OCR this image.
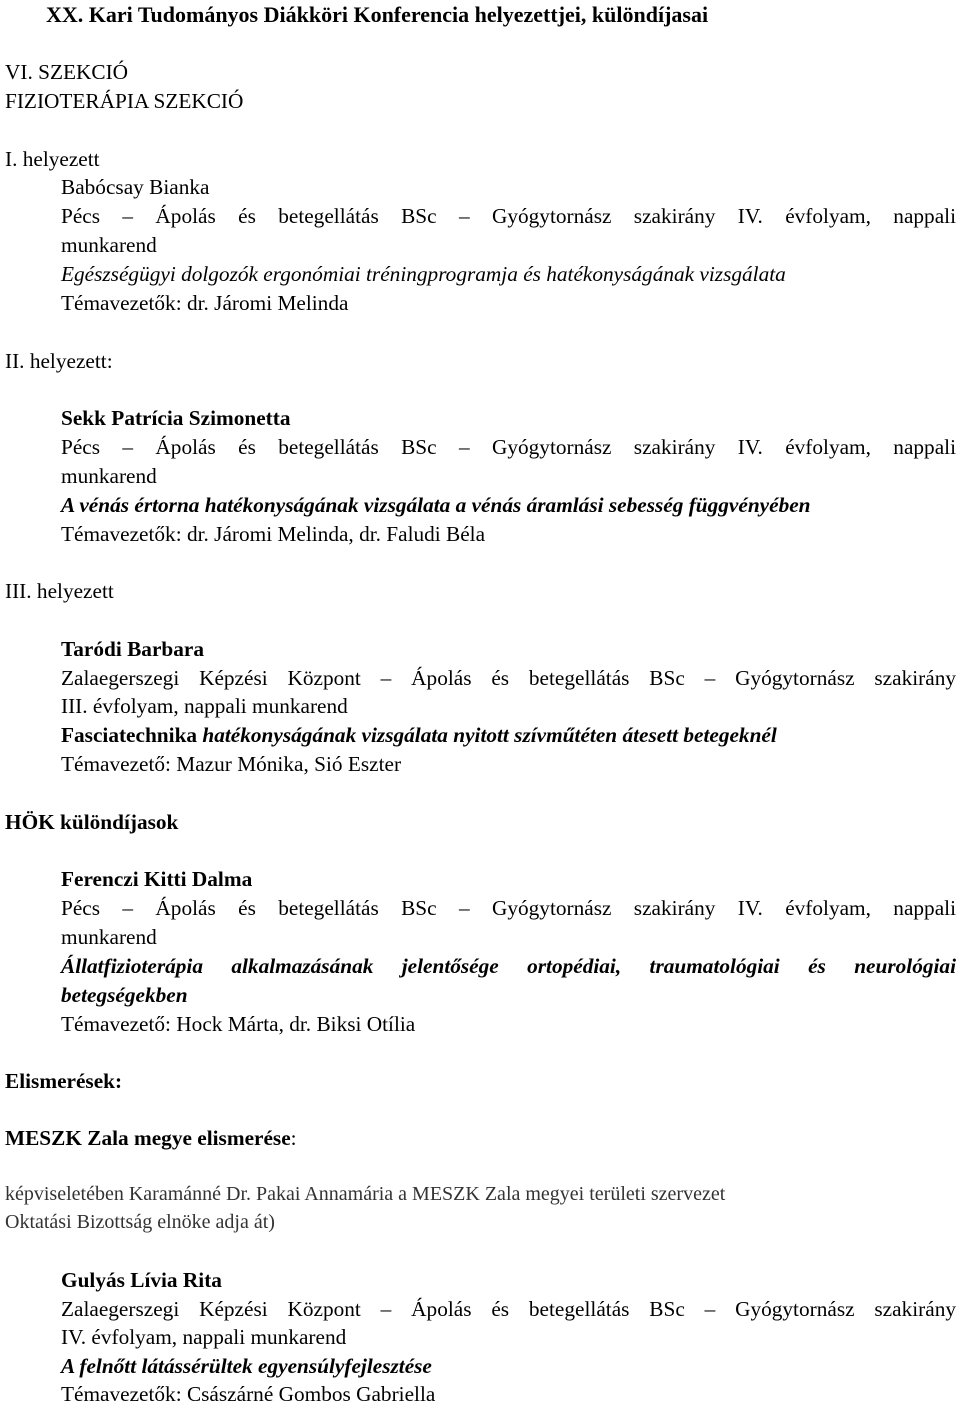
XX. Kari Tudományos Diákköri Konferencia helyezettjei, különdíjasai
VI. SZEKCIÓ
FIZIOTERÁPIA SZEKCIÓ
I. helyezett
Babócsay Bianka
Pécs – Ápolás és betegellátás BSc – Gyógytornász szakirány IV. évfolyam, nappali
munkarend
Egészségügyi dolgozók ergonómiai tréningprogramja és hatékonyságának vizsgálata
Témavezetők: dr. Járomi Melinda
II. helyezett:
Sekk Patrícia Szimonetta
Pécs – Ápolás és betegellátás BSc – Gyógytornász szakirány IV. évfolyam, nappali
munkarend
A vénás értorna hatékonyságának vizsgálata a vénás áramlási sebesség függvényében
Témavezetők: dr. Járomi Melinda, dr. Faludi Béla
III. helyezett
Taródi Barbara
Zalaegerszegi Képzési Központ – Ápolás és betegellátás BSc – Gyógytornász szakirány
III. évfolyam, nappali munkarend
Fasciatechnika hatékonyságának vizsgálata nyitott szívműtéten átesett betegeknél
Témavezető: Mazur Mónika, Sió Eszter
HÖK különdíjasok
Ferenczi Kitti Dalma
Pécs – Ápolás és betegellátás BSc – Gyógytornász szakirány IV. évfolyam, nappali
munkarend
Állatfizioterápia alkalmazásának jelentősége ortopédiai, traumatológiai és neurológiai
betegségekben
Témavezető: Hock Márta, dr. Biksi Otília
Elismerések:
MESZK Zala megye elismerése:
képviseletében Karamánné Dr. Pakai Annamária a MESZK Zala megyei területi szervezet
Oktatási Bizottság elnöke adja át)
Gulyás Lívia Rita
Zalaegerszegi Képzési Központ – Ápolás és betegellátás BSc – Gyógytornász szakirány
IV. évfolyam, nappali munkarend
A felnőtt látássérültek egyensúlyfejlesztése
Témavezetők: Császárné Gombos Gabriella
